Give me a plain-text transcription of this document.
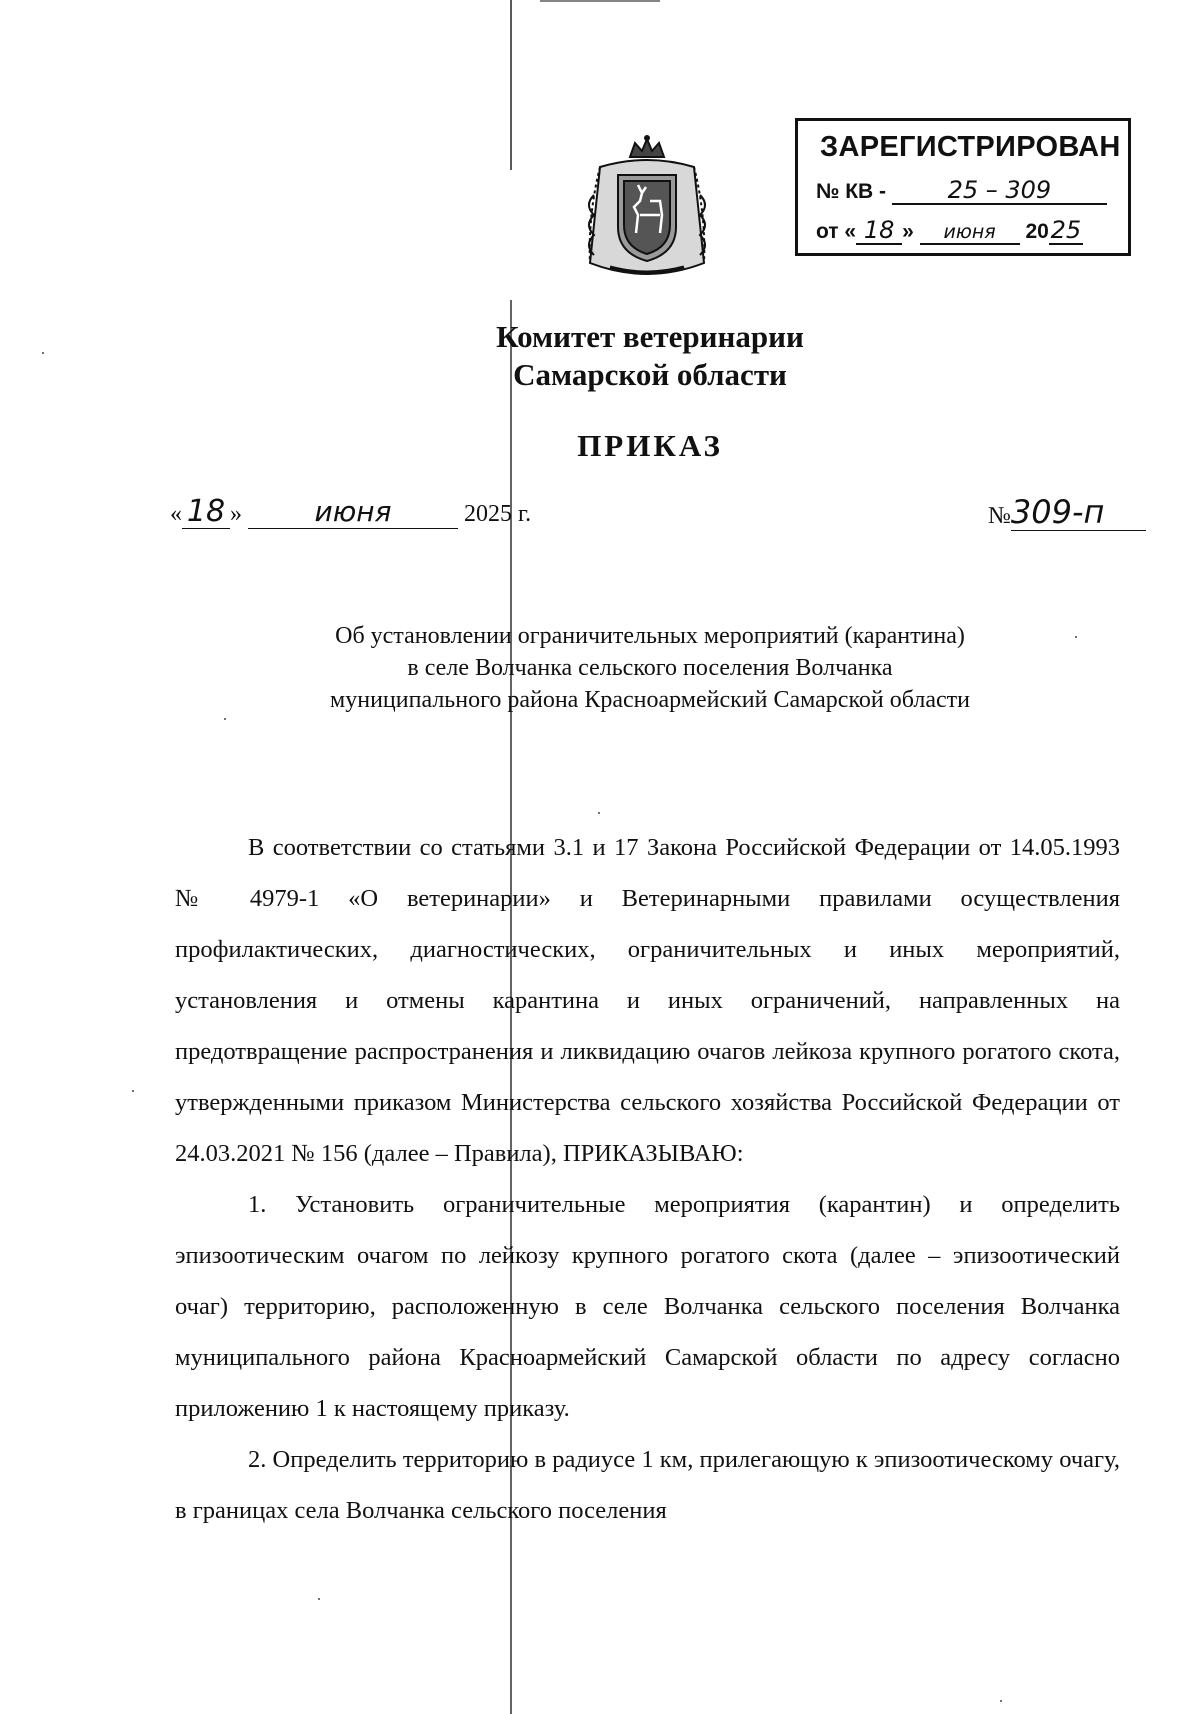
ЗАРЕГИСТРИРОВАН
№ КВ -	25 – 309
от « 18 » июня 2025
Комитет ветеринарии
Самарской области
ПРИКАЗ
« 18 »	июня	2025 г.	№309-п
Об установлении ограничительных мероприятий (карантина)
в селе Волчанка сельского поселения Волчанка
муниципального района Красноармейский Самарской области

В соответствии со статьями 3.1 и 17 Закона Российской Федерации от 14.05.1993 № 4979-1 «О ветеринарии» и Ветеринарными правилами осуществления профилактических, диагностических, ограничительных и иных мероприятий, установления и отмены карантина и иных ограничений, направленных на предотвращение распространения и ликвидацию очагов лейкоза крупного рогатого скота, утвержденными приказом Министерства сельского хозяйства Российской Федерации от 24.03.2021 № 156 (далее – Правила), ПРИКАЗЫВАЮ:

1. Установить ограничительные мероприятия (карантин) и определить эпизоотическим очагом по лейкозу крупного рогатого скота (далее – эпизоотический очаг) территорию, расположенную в селе Волчанка сельского поселения Волчанка муниципального района Красноармейский Самарской области по адресу согласно приложению 1 к настоящему приказу.

2. Определить территорию в радиусе 1 км, прилегающую к эпизоотическому очагу, в границах села Волчанка сельского поселения
